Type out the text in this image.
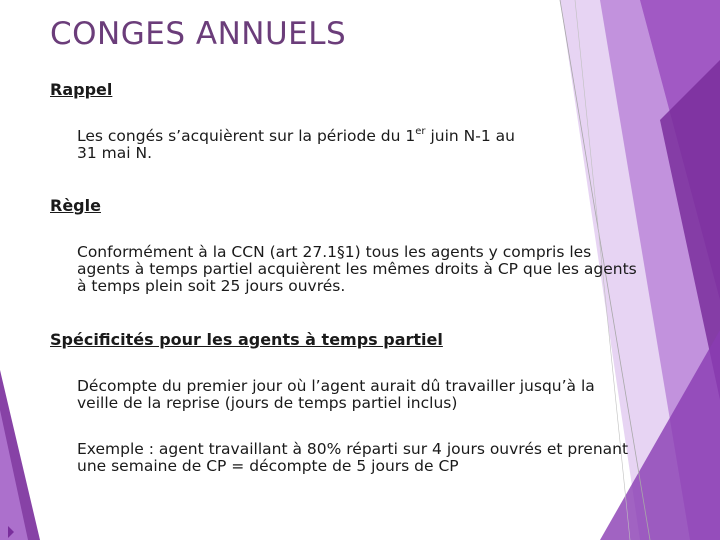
CONGES ANNUELS
Rappel
Les congés s’acquièrent sur la période du 1er juin N-1 au
31 mai N.
Règle
Conformément à la CCN (art 27.1§1) tous les agents y compris les agents à temps partiel acquièrent les mêmes droits à CP que les agents à temps plein soit 25 jours ouvrés.
Spécificités pour les agents à temps partiel
Décompte du premier jour où l’agent aurait dû travailler jusqu’à la veille de la reprise (jours de temps partiel inclus)
Exemple : agent travaillant à 80% réparti sur 4 jours ouvrés et prenant une semaine de CP = décompte de 5 jours de CP
